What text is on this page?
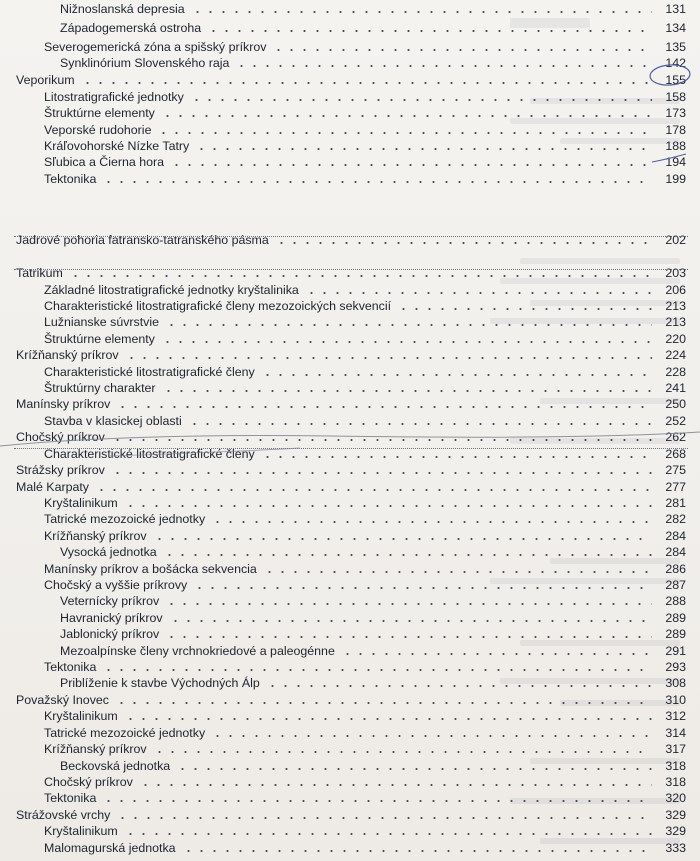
Nižnoslanská depresia	131
Západogemerská ostroha	134
Severogemerická zóna a spišský príkrov	135
Synklinórium Slovenského raja	142
Veporikum	155
Litostratigrafické jednotky	158
Štruktúrne elementy	173
Veporské rudohorie	178
Kráľovohorské Nízke Tatry	188
Sľubica a Čierna hora	194
Tektonika	199
Jadrové pohoria fatransko-tatranského pásma	202
Tatrikum	203
Základné litostratigrafické jednotky kryštalinika	206
Charakteristické litostratigrafické členy mezozoických sekvencií	213
Lužnianske súvrstvie	213
Štruktúrne elementy	220
Krížňanský príkrov	224
Charakteristické litostratigrafické členy	228
Štruktúrny charakter	241
Manínsky príkrov	250
Stavba v klasickej oblasti	252
Chočský príkrov	262
Charakteristické litostratigrafické členy	268
Strážsky príkrov	275
Malé Karpaty	277
Kryštalinikum	281
Tatrické mezozoické jednotky	282
Krížňanský príkrov	284
Vysocká jednotka	284
Manínsky príkrov a bošácka sekvencia	286
Chočský a vyššie príkrovy	287
Veternícky príkrov	288
Havranický príkrov	289
Jablonický príkrov	289
Mezoalpínske členy vrchnokriedové a paleogénne	291
Tektonika	293
Priblíženie k stavbe Východných Álp	308
Považský Inovec	310
Kryštalinikum	312
Tatrické mezozoické jednotky	314
Krížňanský príkrov	317
Beckovská jednotka	318
Chočský príkrov	318
Tektonika	320
Strážovské vrchy	329
Kryštalinikum	329
Malomagurská jednotka	333
